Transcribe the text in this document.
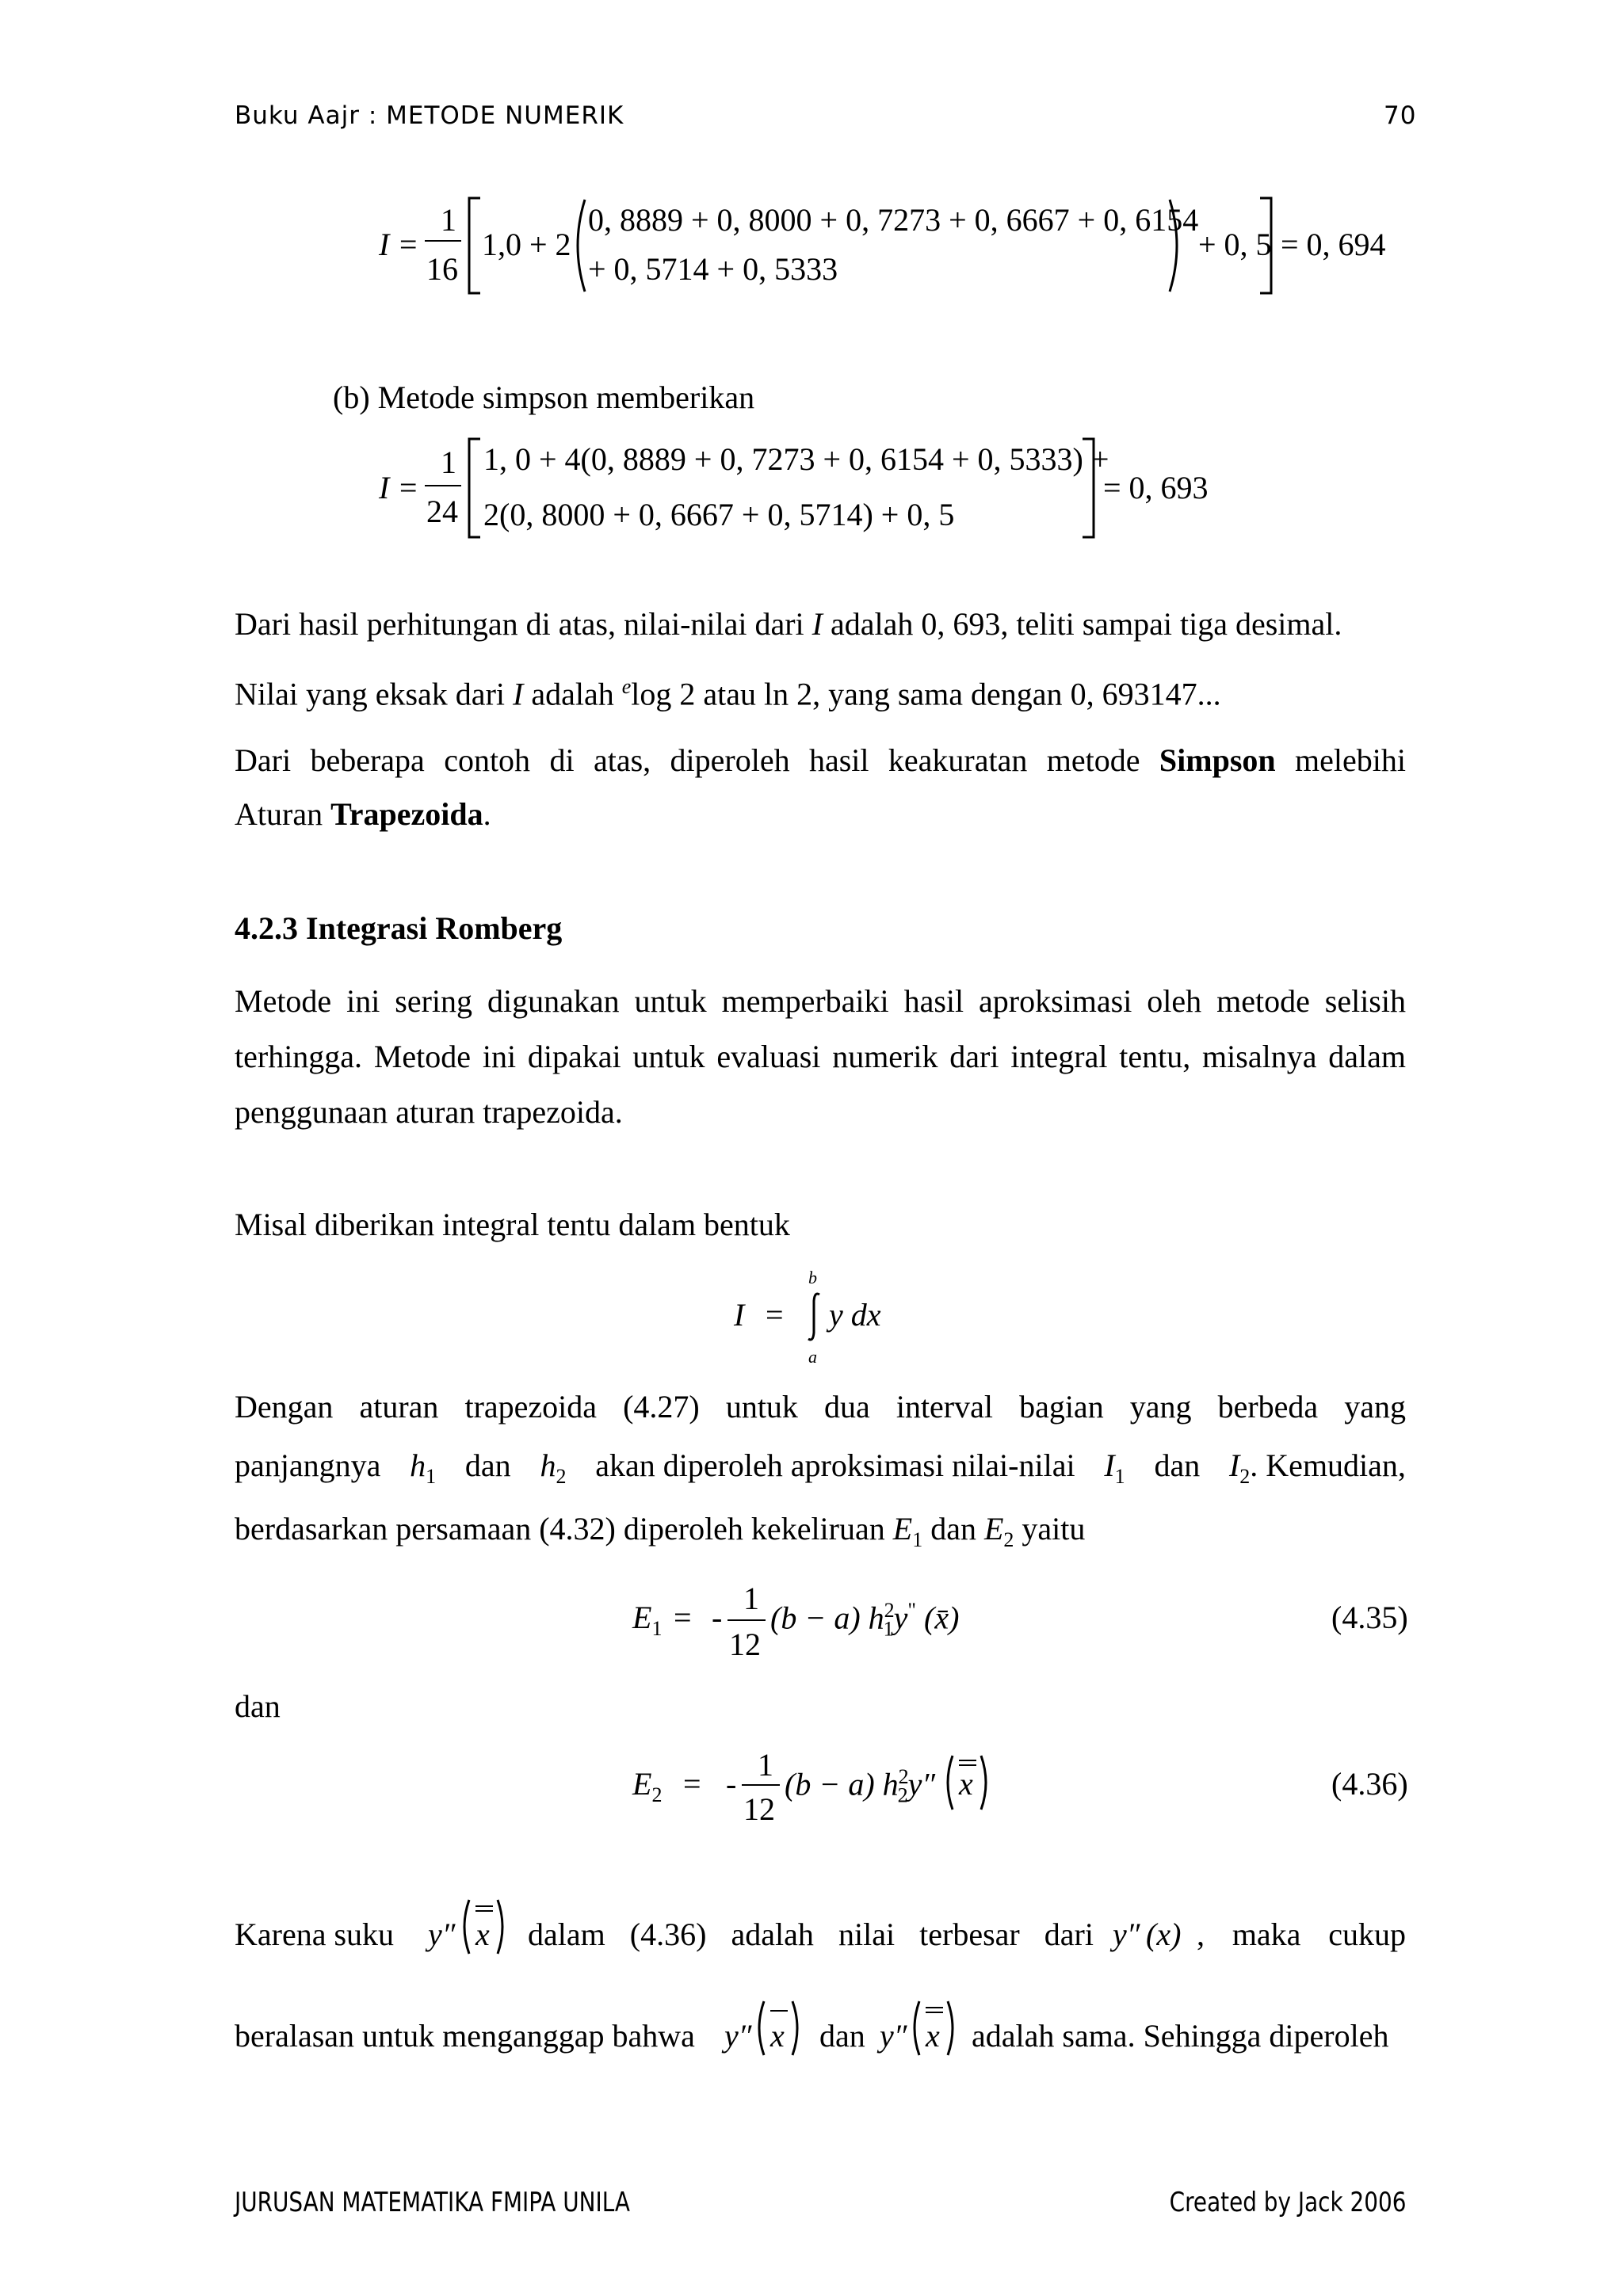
Buku Aajr : METODE NUMERIK	70
I =
1
16
1,0 + 2
0, 8889 + 0, 8000 + 0, 7273 + 0, 6667 + 0, 6154
+ 0, 5714 + 0, 5333
+ 0, 5 = 0, 694
(b) Metode simpson memberikan
I =
1
24
1, 0 + 4(0, 8889 + 0, 7273 + 0, 6154 + 0, 5333) +
2(0, 8000 + 0, 6667 + 0, 5714) + 0, 5
= 0, 693
Dari hasil perhitungan di atas, nilai-nilai dari I adalah 0, 693, teliti sampai tiga desimal.
Nilai yang eksak dari I adalah $^e$log 2 atau ln 2, yang sama dengan 0, 693147...
Dari beberapa contoh di atas, diperoleh hasil keakuratan metode Simpson melebihi
Aturan Trapezoida.
4.2.3 Integrasi Romberg
Metode ini sering digunakan untuk memperbaiki hasil aproksimasi oleh metode selisih
terhingga. Metode ini dipakai untuk evaluasi numerik dari integral tentu, misalnya dalam
penggunaan aturan trapezoida.
Misal diberikan integral tentu dalam bentuk
I =
b
a
y dx
Dengan aturan trapezoida (4.27) untuk dua interval bagian yang berbeda yang
panjangnya $h_1$ dan $h_2$ akan diperoleh aproksimasi nilai-nilai $I_1$ dan $I_2$. Kemudian,
berdasarkan persamaan (4.32) diperoleh kekeliruan $E_1$ dan $E_2$ yaitu
$E_1$ = -
1
12
(b − a) $h^2_1y^"$ (x̄)	(4.35)
dan
$E_2$ = -
1
12
(b − a) $h^2_2y''$ x	(4.36)
Karena suku y″ x dalam (4.36) adalah nilai terbesar dari y″ (x) , maka cukup
beralasan untuk menganggap bahwa y″ x dan y″ x adalah sama. Sehingga diperoleh
JURUSAN MATEMATIKA FMIPA UNILA	Created by Jack 2006
